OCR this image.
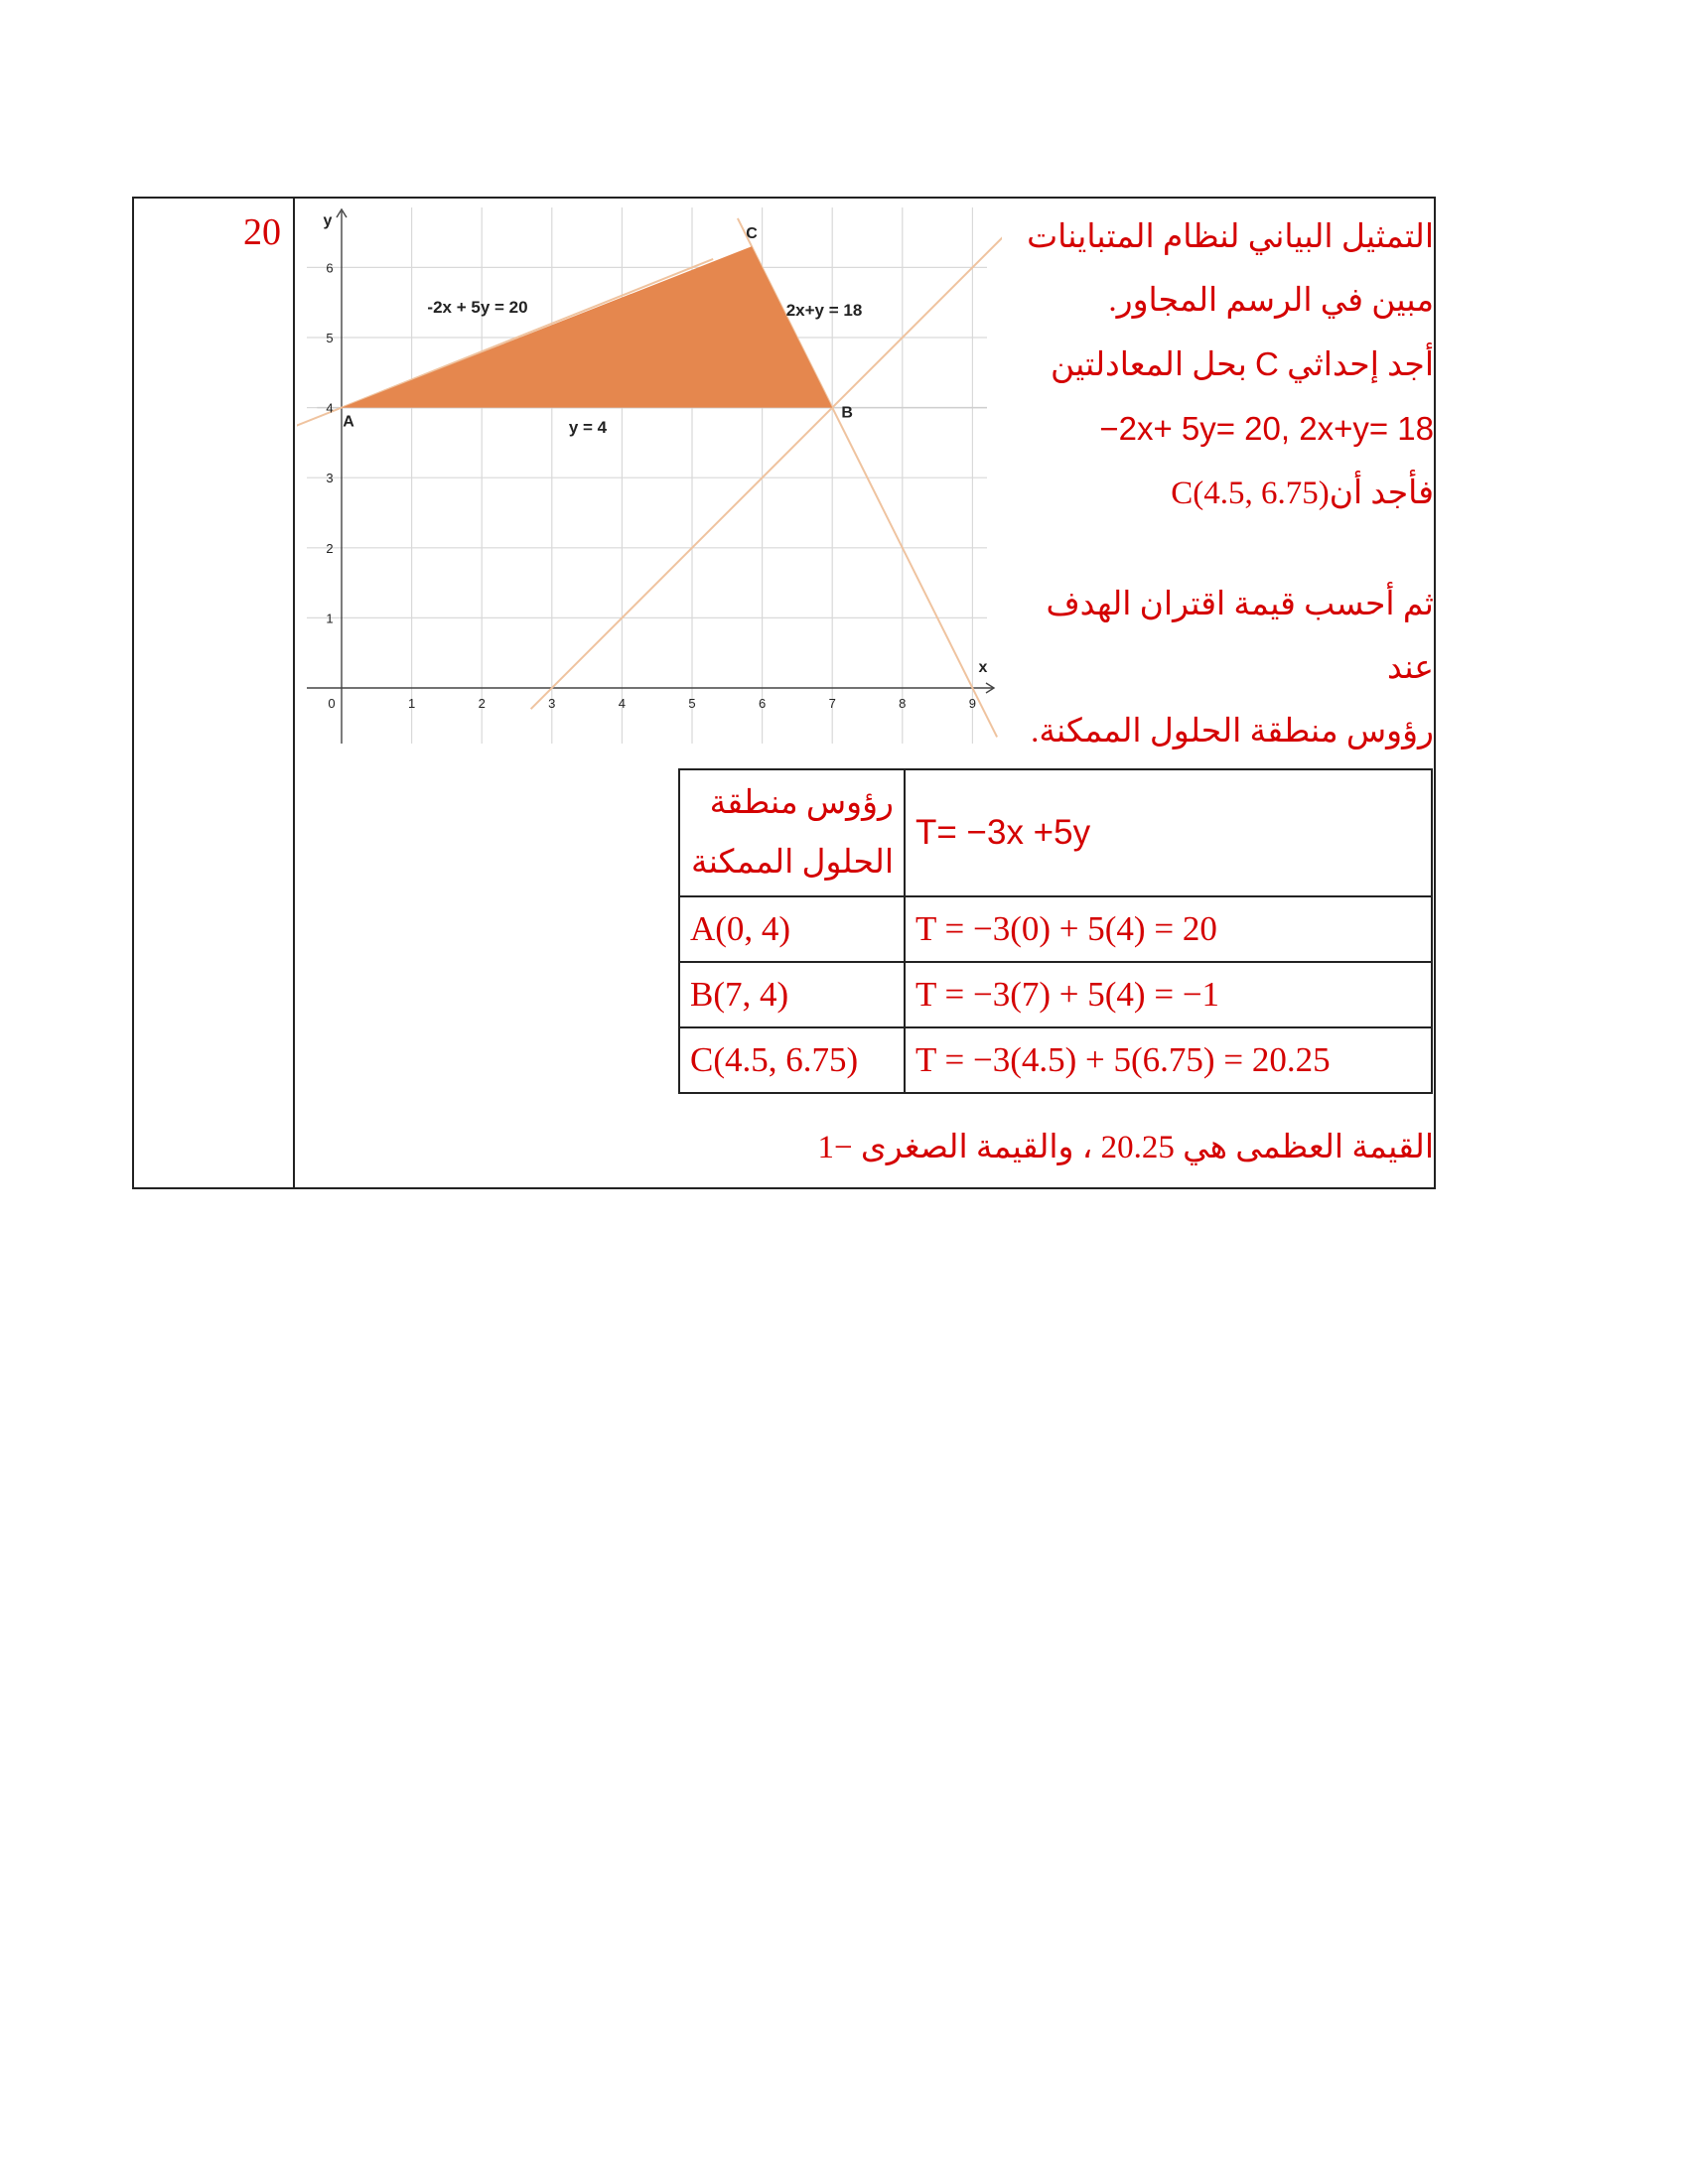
20
0	1	2	3	4	5	6	7	8	9
1
2
3
4
5
6
x
y
-2x + 5y = 20	2x+y = 18
y = 4
A
B
C	التمثيل البياني لنظام المتباينات

مبين في الرسم المجاور.

أجد إحداثي C بحل المعادلتين

−2x+ 5y= 20, 2x+y= 18

فأجد أنC(4.5, 6.75)

ثم أحسب قيمة اقتران الهدف عند

رؤوس منطقة الحلول الممكنة.

رؤوس منطقة
الحلول الممكنة	T= −3x +5y
A(0, 4)	T = −3(0) + 5(4) = 20
B(7, 4)	T = −3(7) + 5(4) = −1
C(4.5, 6.75)	T = −3(4.5) + 5(6.75) = 20.25
القيمة العظمى هي 20.25 ، والقيمة الصغرى −1
